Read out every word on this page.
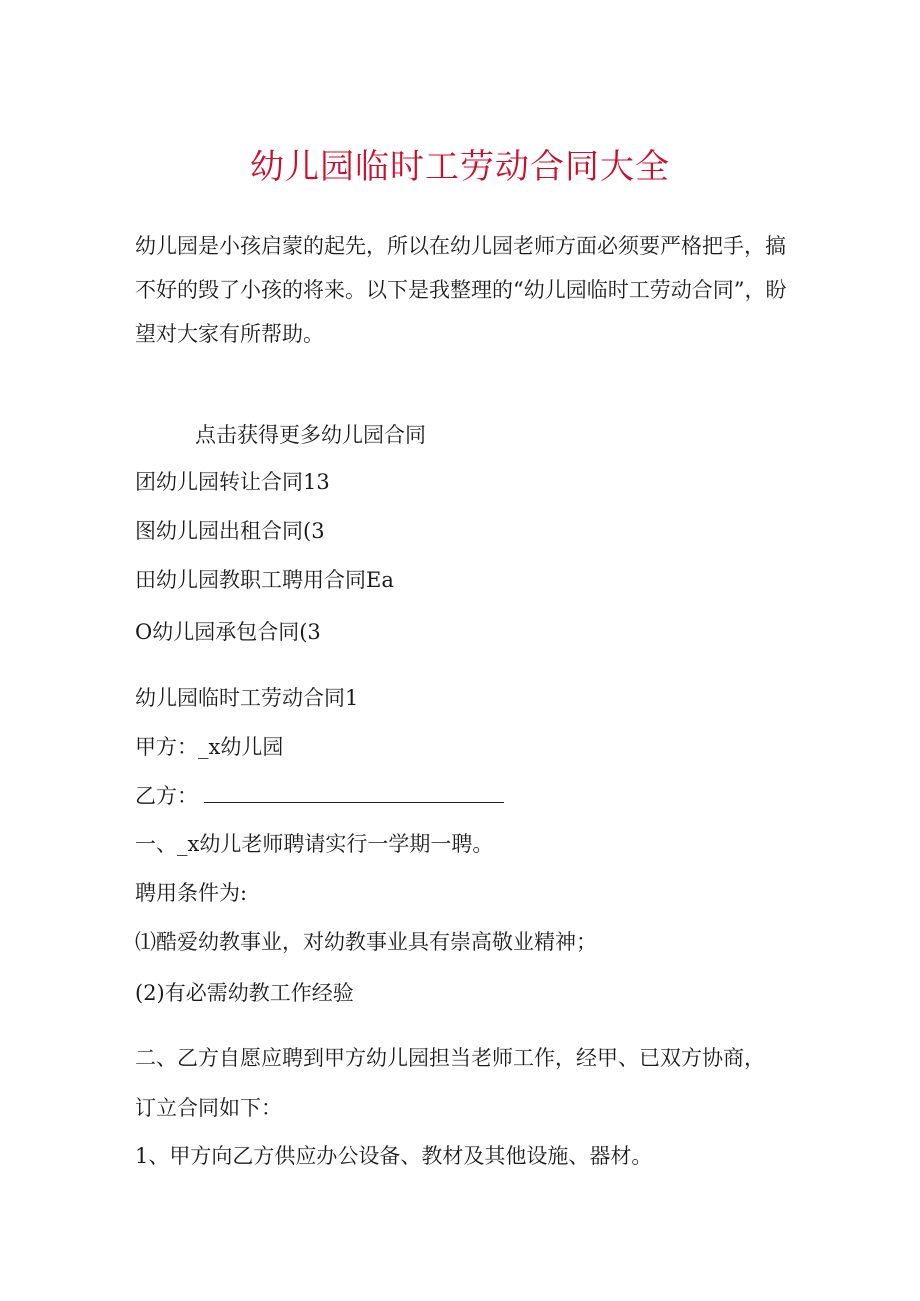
幼儿园临时工劳动合同大全

幼儿园是小孩启蒙的起先，所以在幼儿园老师方面必须要严格把手，搞不好的毁了小孩的将来。以下是我整理的“幼儿园临时工劳动合同”，盼望对大家有所帮助。

点击获得更多幼儿园合同
团幼儿园转让合同13
图幼儿园出租合同(3
田幼儿园教职工聘用合同Ea
O幼儿园承包合同(3
幼儿园临时工劳动合同1
甲方：_x幼儿园
乙方：
一、_x幼儿老师聘请实行一学期一聘。
聘用条件为:
⑴酷爱幼教事业，对幼教事业具有崇高敬业精神；
(2)有必需幼教工作经验
二、乙方自愿应聘到甲方幼儿园担当老师工作，经甲、已双方协商，
订立合同如下：
1、甲方向乙方供应办公设备、教材及其他设施、器材。
